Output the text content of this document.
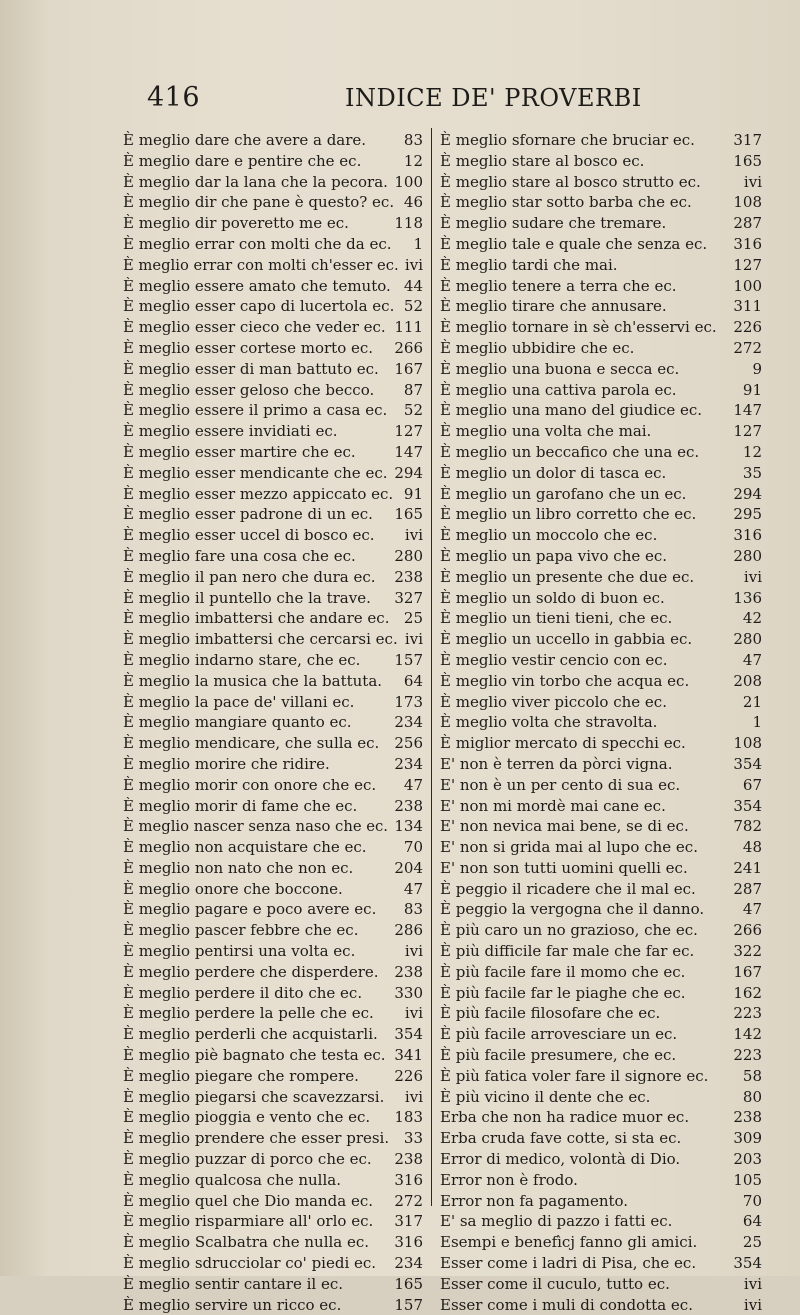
416	INDICE DE' PROVERBI
È meglio dare che avere a dare.	83
È meglio dare e pentire che ec.	12
È meglio dar la lana che la pecora. 100
È meglio dir che pane è questo? ec. 46
È meglio dir poveretto me ec.	118
È meglio errar con molti che da ec. 1
È meglio errar con molti ch'esser ec. ivi
È meglio essere amato che temuto. 44
È meglio esser capo di lucertola ec. 52
È meglio esser cieco che veder ec. 111
È meglio esser cortese morto ec. 266
È meglio esser di man battuto ec. 167
È meglio esser geloso che becco. 87
È meglio essere il primo a casa ec. 52
È meglio essere invidiati ec.	127
È meglio esser martire che ec.	147
È meglio esser mendicante che ec. 294
È meglio esser mezzo appiccato ec. 91
È meglio esser padrone di un ec. 165
È meglio esser uccel di bosco ec. ivi
È meglio fare una cosa che ec.	280
È meglio il pan nero che dura ec. 238
È meglio il puntello che la trave. 327
È meglio imbattersi che andare ec. 25
È meglio imbattersi che cercarsi ec. ivi
È meglio indarno stare, che ec. 157
È meglio la musica che la battuta. 64
È meglio la pace de' villani ec.	173
È meglio mangiare quanto ec.	234
È meglio mendicare, che sulla ec. 256
È meglio morire che ridire.	234
È meglio morir con onore che ec. 47
È meglio morir di fame che ec. 238
È meglio nascer senza naso che ec. 134
È meglio non acquistare che ec. 70
È meglio non nato che non ec.	204
È meglio onore che boccone.	47
È meglio pagare e poco avere ec. 83
È meglio pascer febbre che ec. 286
È meglio pentirsi una volta ec.	ivi
È meglio perdere che disperdere. 238
È meglio perdere il dito che ec. 330
È meglio perdere la pelle che ec. ivi
È meglio perderli che acquistarli. 354
È meglio piè bagnato che testa ec. 341
È meglio piegare che rompere. 226
È meglio piegarsi che scavezzarsi. ivi
È meglio pioggia e vento che ec. 183
È meglio prendere che esser presi. 33
È meglio puzzar di porco che ec. 238
È meglio qualcosa che nulla.	316
È meglio quel che Dio manda ec. 272
È meglio risparmiare all' orlo ec. 317
È meglio Scalbatra che nulla ec. 316
È meglio sdrucciolar co' piedi ec. 234
È meglio sentir cantare il ec.	165
È meglio servire un ricco ec.	157
È meglio sfornare che bruciar ec.	317
È meglio stare al bosco ec.	165
È meglio stare al bosco strutto ec.	ivi
È meglio star sotto barba che ec.	108
È meglio sudare che tremare.	287
È meglio tale e quale che senza ec. 316
È meglio tardi che mai.	127
È meglio tenere a terra che ec.	100
È meglio tirare che annusare.	311
È meglio tornare in sè ch'esservi ec. 226
È meglio ubbidire che ec.	272
È meglio una buona e secca ec.	9
È meglio una cattiva parola ec.	91
È meglio una mano del giudice ec. 147
È meglio una volta che mai.	127
È meglio un beccafico che una ec.	12
È meglio un dolor di tasca ec.	35
È meglio un garofano che un ec.	294
È meglio un libro corretto che ec. 295
È meglio un moccolo che ec.	316
È meglio un papa vivo che ec.	280
È meglio un presente che due ec.	ivi
È meglio un soldo di buon ec.	136
È meglio un tieni tieni, che ec.	42
È meglio un uccello in gabbia ec.	280
È meglio vestir cencio con ec.	47
È meglio vin torbo che acqua ec.	208
È meglio viver piccolo che ec.	21
È meglio volta che stravolta.	1
È miglior mercato di specchi ec.	108
E' non è terren da pòrci vigna.	354
E' non è un per cento di sua ec.	67
E' non mi mordè mai cane ec.	354
E' non nevica mai bene, se di ec.	782
E' non si grida mai al lupo che ec.	48
E' non son tutti uomini quelli ec.	241
È peggio il ricadere che il mal ec.	287
È peggio la vergogna che il danno.	47
È più caro un no grazioso, che ec. 266
È più difficile far male che far ec.	322
È più facile fare il momo che ec.	167
È più facile far le piaghe che ec.	162
È più facile filosofare che ec.	223
È più facile arrovesciare un ec.	142
È più facile presumere, che ec.	223
È più fatica voler fare il signore ec. 58
È più vicino il dente che ec.	80
Erba che non ha radice muor ec.	238
Erba cruda fave cotte, si sta ec.	309
Error di medico, volontà di Dio.	203
Error non è frodo.	105
Error non fa pagamento.	70
E' sa meglio di pazzo i fatti ec.	64
Esempi e benefìcj fanno gli amici.	25
Esser come i ladri di Pisa, che ec. 354
Esser come il cuculo, tutto ec.	ivi
Esser come i muli di condotta ec.	ivi
